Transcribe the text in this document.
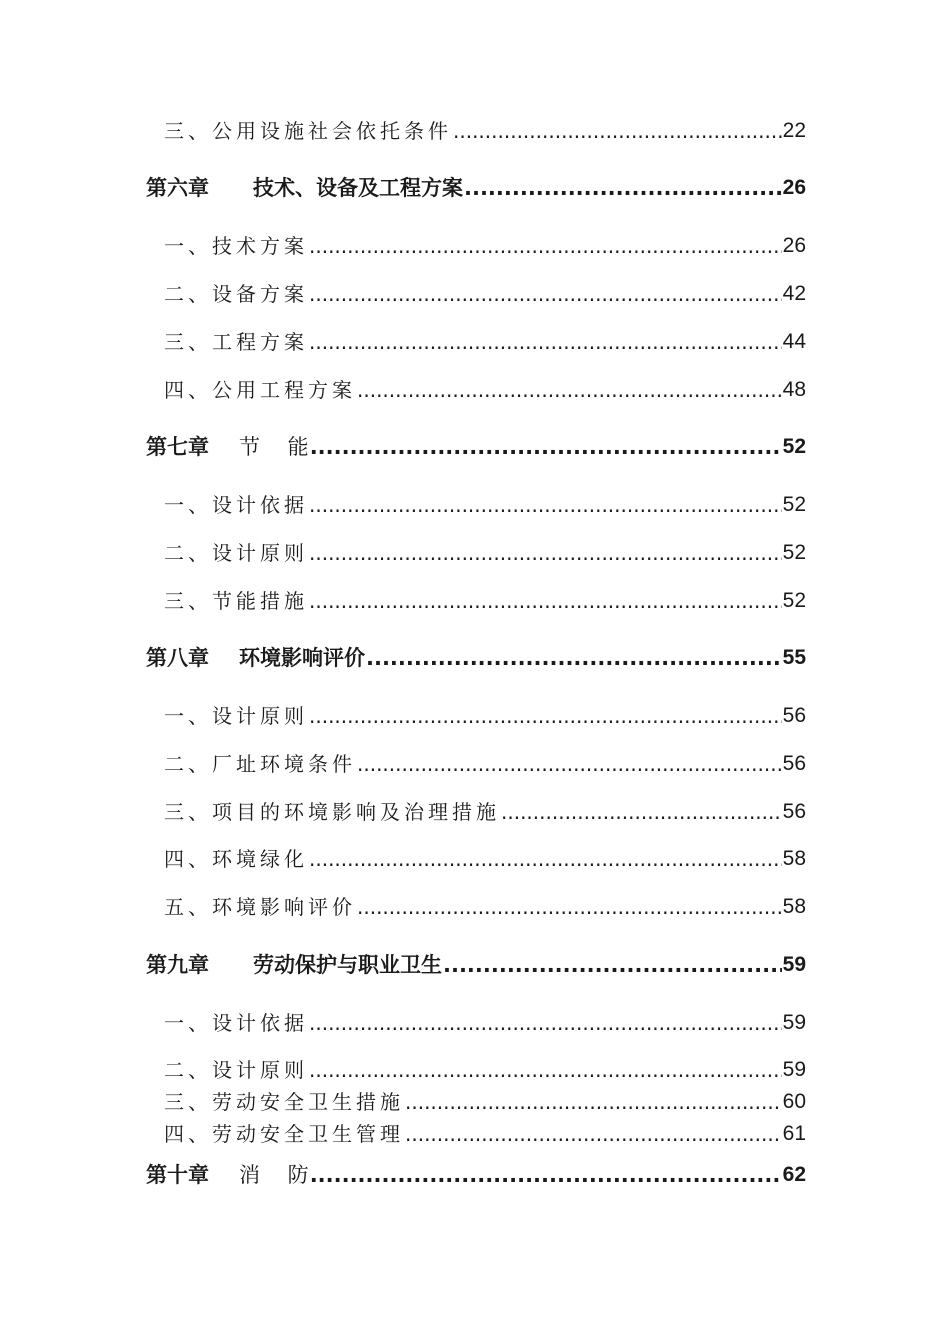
三、公用设施社会依托条件 .....	22
第六章 技术、设备及工程方案 .....	26
一、技术方案 .....	26
二、设备方案 .....	42
三、工程方案 .....	44
四、公用工程方案 .....	48
第七章 节　 能 .....	52
一、设计依据 .....	52
二、设计原则 .....	52
三、节能措施 .....	52
第八章 环境影响评价 .....	55
一、设计原则 .....	56
二、厂址环境条件 .....	56
三、项目的环境影响及治理措施 .....	56
四、环境绿化 .....	58
五、环境影响评价 .....	58
第九章 劳动保护与职业卫生 .....	59
一、设计依据 .....	59
二、设计原则 .....	59
三、劳动安全卫生措施 .....	60
四、劳动安全卫生管理 .....	61
第十章 消　 防 .....	62
